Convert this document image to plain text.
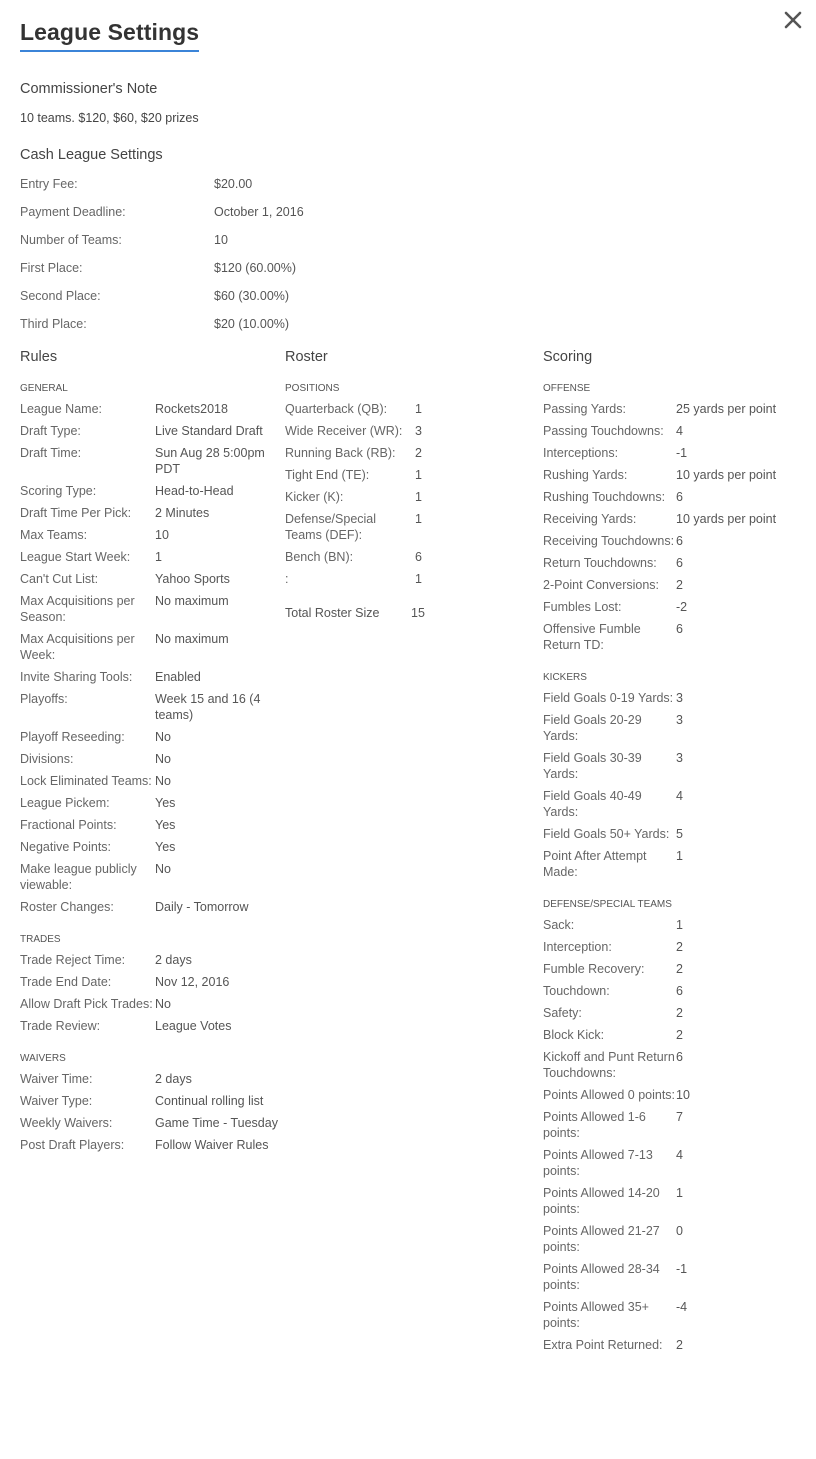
League Settings
Commissioner's Note
10 teams. $120, $60, $20 prizes
Cash League Settings
Entry Fee:	$20.00
Payment Deadline:	October 1, 2016
Number of Teams:	10
First Place:	$120 (60.00%)
Second Place:	$60 (30.00%)
Third Place:	$20 (10.00%)
Rules
GENERAL
League Name:	Rockets2018
Draft Type:	Live Standard Draft
Draft Time:	Sun Aug 28 5:00pm PDT
Scoring Type:	Head-to-Head
Draft Time Per Pick:	2 Minutes
Max Teams:	10
League Start Week:	1
Can't Cut List:	Yahoo Sports
Max Acquisitions per Season:
No maximum
Max Acquisitions per Week:
No maximum
Invite Sharing Tools:	Enabled
Playoffs:	Week 15 and 16 (4 teams)
Playoff Reseeding:	No
Divisions:	No
Lock Eliminated Teams: No
League Pickem:	Yes
Fractional Points:	Yes
Negative Points:	Yes
Make league publicly viewable:
No
Roster Changes:	Daily - Tomorrow
TRADES
Trade Reject Time:	2 days
Trade End Date:	Nov 12, 2016
Allow Draft Pick Trades: No
Trade Review:	League Votes
WAIVERS
Waiver Time:	2 days
Waiver Type:	Continual rolling list
Weekly Waivers:	Game Time - Tuesday
Post Draft Players:	Follow Waiver Rules
Roster
POSITIONS
Quarterback (QB):	1
Wide Receiver (WR):	3
Running Back (RB):	2
Tight End (TE):	1
Kicker (K):	1
Defense/Special Teams (DEF):
1
Bench (BN):	6
:	1
Total Roster Size	15
Scoring
OFFENSE
Passing Yards:	25 yards per point
Passing Touchdowns: 4
Interceptions:	-1
Rushing Yards:	10 yards per point
Rushing Touchdowns: 6
Receiving Yards:	10 yards per point
Receiving Touchdowns: 6
Return Touchdowns:	6
2-Point Conversions:	2
Fumbles Lost:	-2
Offensive Fumble Return TD:
6
KICKERS
Field Goals 0-19 Yards: 3
Field Goals 20-29 Yards:
3
Field Goals 30-39 Yards:
3
Field Goals 40-49 Yards:
4
Field Goals 50+ Yards: 5
Point After Attempt Made:
1
DEFENSE/SPECIAL TEAMS
Sack:	1
Interception:	2
Fumble Recovery:	2
Touchdown:	6
Safety:	2
Block Kick:	2
Kickoff and Punt Return Touchdowns:
6
Points Allowed 0 points: 10
Points Allowed 1-6 points:
7
Points Allowed 7-13 points:
4
Points Allowed 14-20 points:
1
Points Allowed 21-27 points:
0
Points Allowed 28-34 points:
-1
Points Allowed 35+ points:
-4
Extra Point Returned:	2
